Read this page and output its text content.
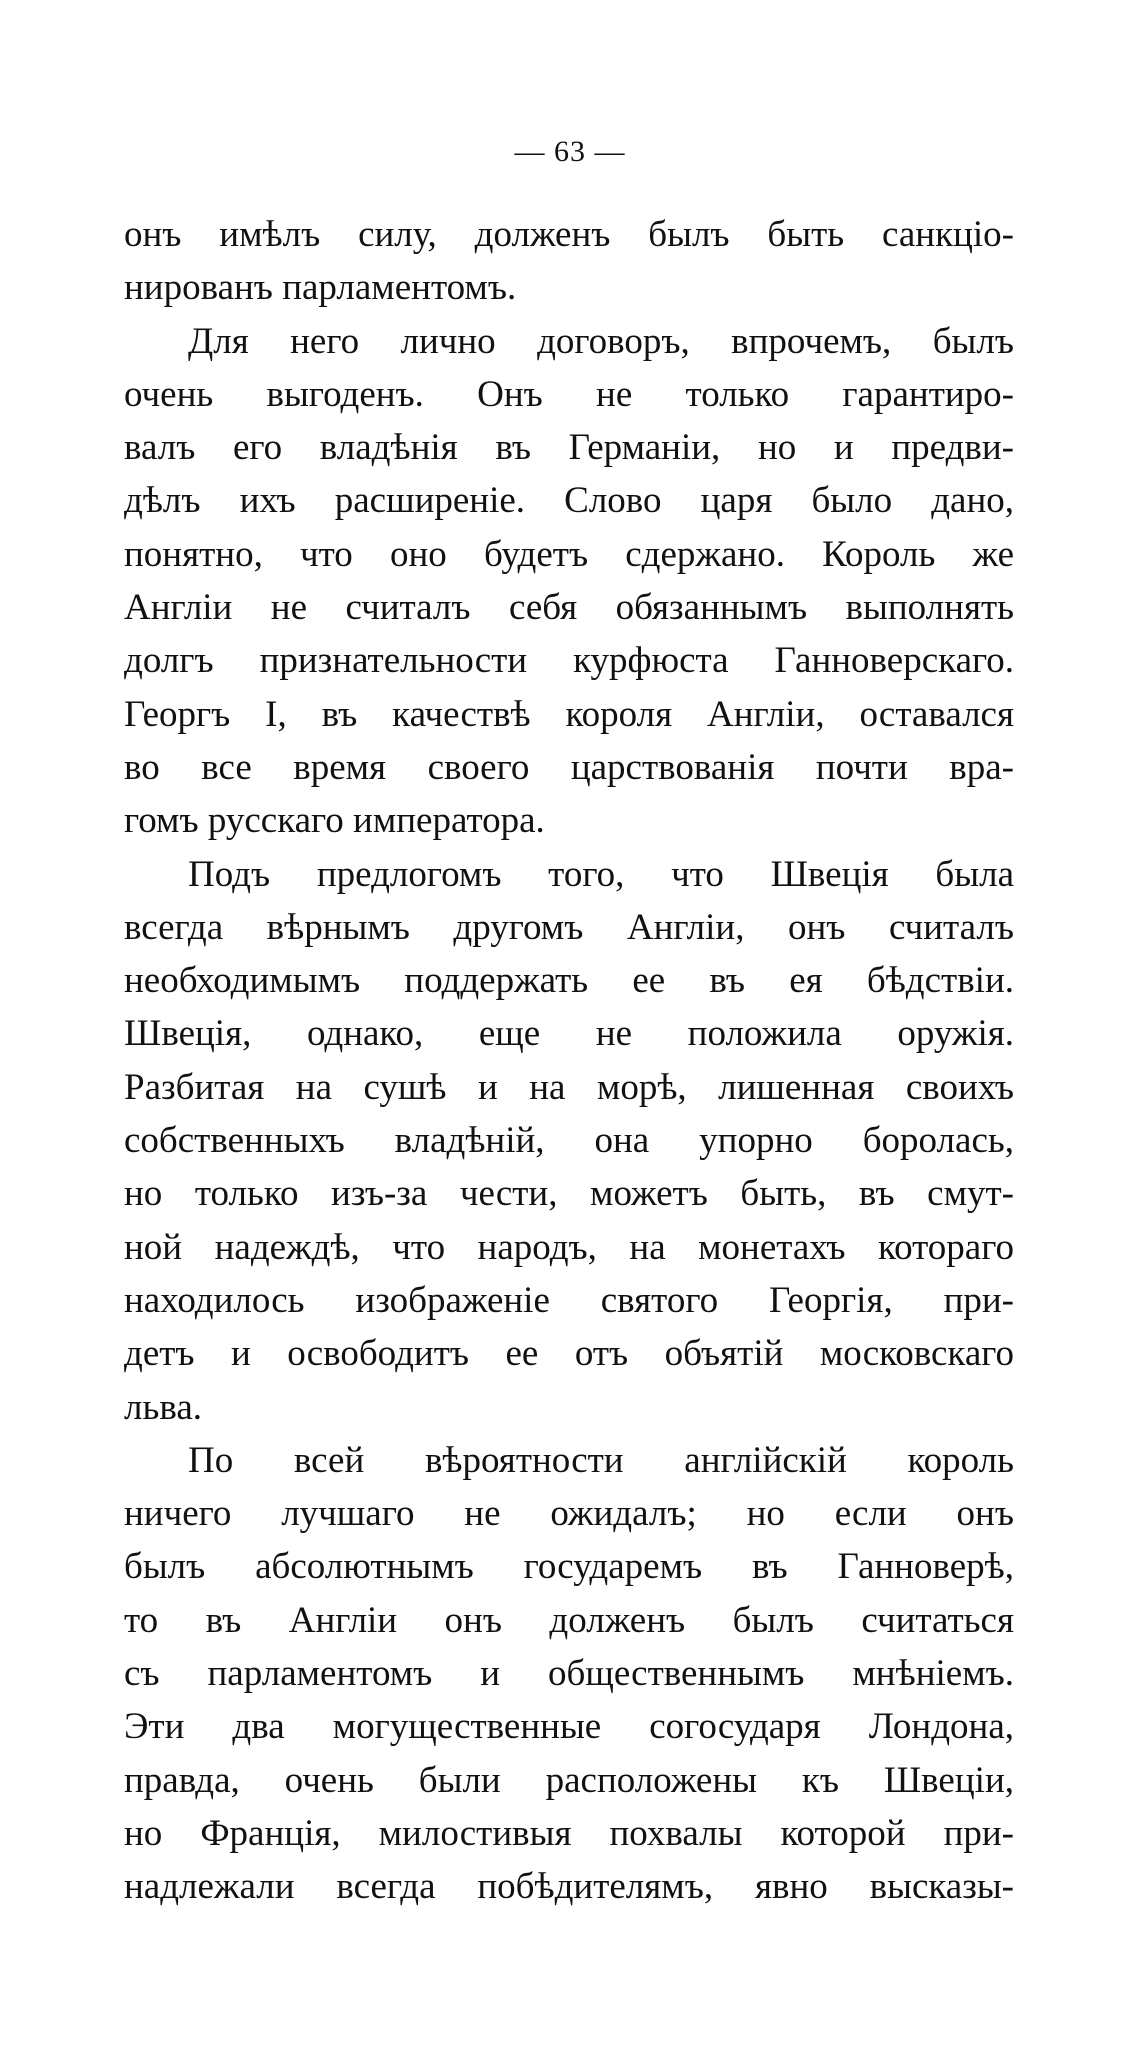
— 63 —
онъ имѣлъ силу, долженъ былъ быть санкціо-
нированъ парламентомъ.
Для него лично договоръ, впрочемъ, былъ
очень выгоденъ. Онъ не только гарантиро-
валъ его владѣнія въ Германіи, но и предви-
дѣлъ ихъ расширеніе. Слово царя было дано,
понятно, что оно будетъ сдержано. Король же
Англіи не считалъ себя обязаннымъ выполнять
долгъ признательности курфюста Ганноверскаго.
Георгъ I, въ качествѣ короля Англіи, оставался
во все время своего царствованія почти вра-
гомъ русскаго императора.
Подъ предлогомъ того, что Швеція была
всегда вѣрнымъ другомъ Англіи, онъ считалъ
необходимымъ поддержать ее въ ея бѣдствіи.
Швеція, однако, еще не положила оружія.
Разбитая на сушѣ и на морѣ, лишенная своихъ
собственныхъ владѣній, она упорно боролась,
но только изъ-за чести, можетъ быть, въ смут-
ной надеждѣ, что народъ, на монетахъ котораго
находилось изображеніе святого Георгія, при-
детъ и освободитъ ее отъ объятій московскаго
льва.
По всей вѣроятности англійскій король
ничего лучшаго не ожидалъ; но если онъ
былъ абсолютнымъ государемъ въ Ганноверѣ,
то въ Англіи онъ долженъ былъ считаться
съ парламентомъ и общественнымъ мнѣніемъ.
Эти два могущественные согосударя Лондона,
правда, очень были расположены къ Швеціи,
но Франція, милостивыя похвалы которой при-
надлежали всегда побѣдителямъ, явно высказы-
